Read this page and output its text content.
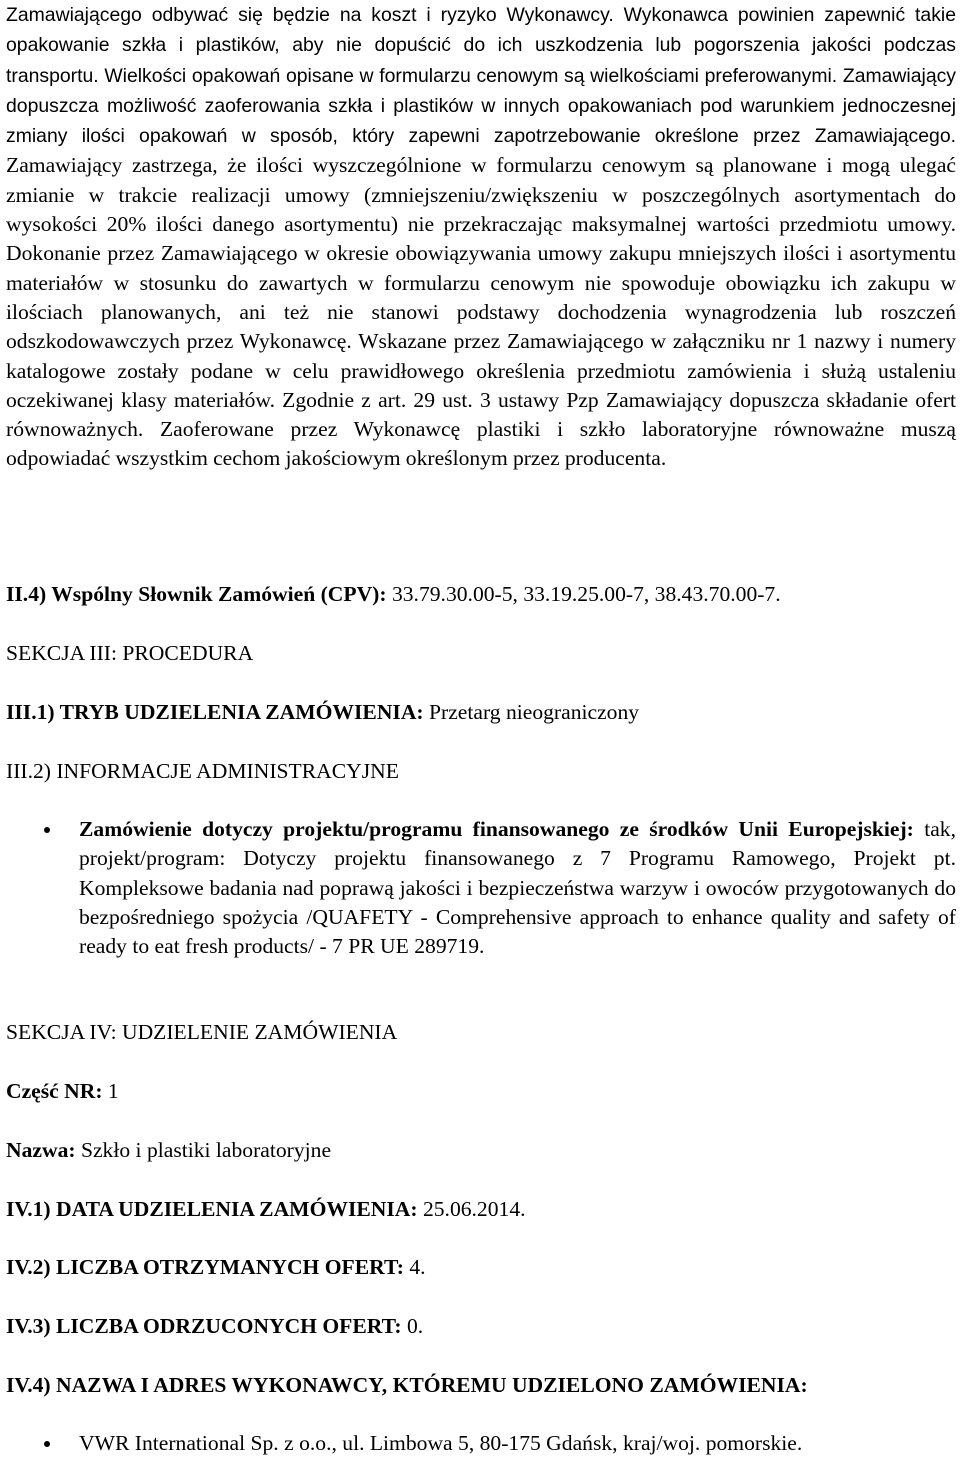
Zamawiającego odbywać się będzie na koszt i ryzyko Wykonawcy. Wykonawca powinien zapewnić takie opakowanie szkła i plastików, aby nie dopuścić do ich uszkodzenia lub pogorszenia jakości podczas transportu. Wielkości opakowań opisane w formularzu cenowym są wielkościami preferowanymi. Zamawiający dopuszcza możliwość zaoferowania szkła i plastików w innych opakowaniach pod warunkiem jednoczesnej zmiany ilości opakowań w sposób, który zapewni zapotrzebowanie określone przez Zamawiającego. Zamawiający zastrzega, że ilości wyszczególnione w formularzu cenowym są planowane i mogą ulegać zmianie w trakcie realizacji umowy (zmniejszeniu/zwiększeniu w poszczególnych asortymentach do wysokości 20% ilości danego asortymentu) nie przekraczając maksymalnej wartości przedmiotu umowy. Dokonanie przez Zamawiającego w okresie obowiązywania umowy zakupu mniejszych ilości i asortymentu materiałów w stosunku do zawartych w formularzu cenowym nie spowoduje obowiązku ich zakupu w ilościach planowanych, ani też nie stanowi podstawy dochodzenia wynagrodzenia lub roszczeń odszkodowawczych przez Wykonawcę. Wskazane przez Zamawiającego w załączniku nr 1 nazwy i numery katalogowe zostały podane w celu prawidłowego określenia przedmiotu zamówienia i służą ustaleniu oczekiwanej klasy materiałów. Zgodnie z art. 29 ust. 3 ustawy Pzp Zamawiający dopuszcza składanie ofert równoważnych. Zaoferowane przez Wykonawcę plastiki i szkło laboratoryjne równoważne muszą odpowiadać wszystkim cechom jakościowym określonym przez producenta.

II.4) Wspólny Słownik Zamówień (CPV): 33.79.30.00-5, 33.19.25.00-7, 38.43.70.00-7.

SEKCJA III: PROCEDURA

III.1) TRYB UDZIELENIA ZAMÓWIENIA: Przetarg nieograniczony

III.2) INFORMACJE ADMINISTRACYJNE

Zamówienie dotyczy projektu/programu finansowanego ze środków Unii Europejskiej: tak, projekt/program: Dotyczy projektu finansowanego z 7 Programu Ramowego, Projekt pt. Kompleksowe badania nad poprawą jakości i bezpieczeństwa warzyw i owoców przygotowanych do bezpośredniego spożycia /QUAFETY - Comprehensive approach to enhance quality and safety of ready to eat fresh products/ - 7 PR UE 289719.

SEKCJA IV: UDZIELENIE ZAMÓWIENIA

Część NR: 1

Nazwa: Szkło i plastiki laboratoryjne

IV.1) DATA UDZIELENIA ZAMÓWIENIA: 25.06.2014.

IV.2) LICZBA OTRZYMANYCH OFERT: 4.

IV.3) LICZBA ODRZUCONYCH OFERT: 0.

IV.4) NAZWA I ADRES WYKONAWCY, KTÓREMU UDZIELONO ZAMÓWIENIA:

VWR International Sp. z o.o., ul. Limbowa 5, 80-175 Gdańsk, kraj/woj. pomorskie.
